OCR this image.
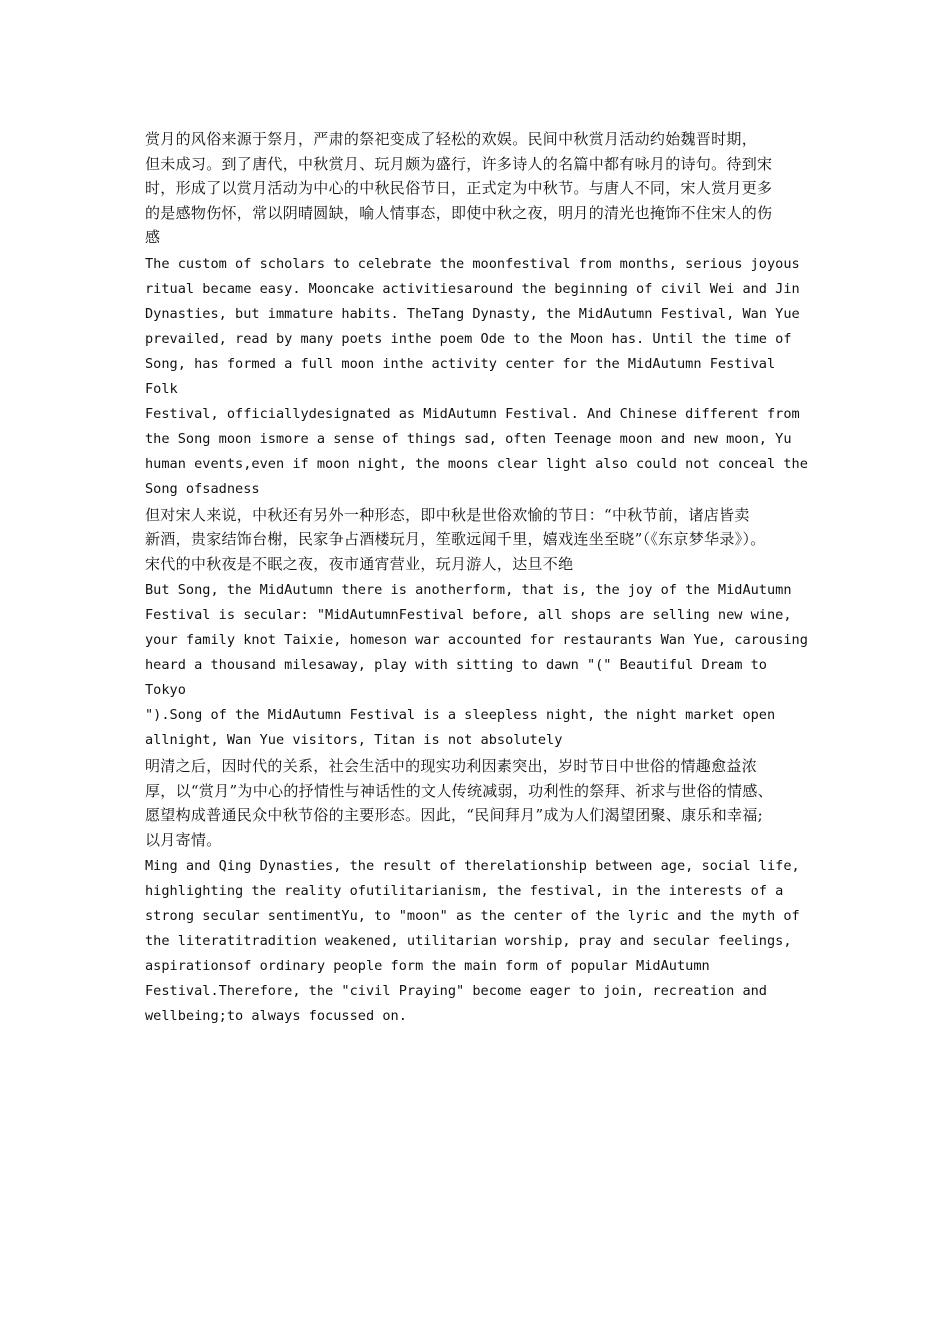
赏月的风俗来源于祭月，严肃的祭祀变成了轻松的欢娱。民间中秋赏月活动约始魏晋时期，
但未成习。到了唐代，中秋赏月、玩月颇为盛行，许多诗人的名篇中都有咏月的诗句。待到宋
时，形成了以赏月活动为中心的中秋民俗节日，正式定为中秋节。与唐人不同，宋人赏月更多
的是感物伤怀，常以阴晴圆缺，喻人情事态，即使中秋之夜，明月的清光也掩饰不住宋人的伤
感

The custom of scholars to celebrate the moonfestival from months, serious joyous
ritual became easy. Mooncake activitiesaround the beginning of civil Wei and Jin
Dynasties, but immature habits. TheTang Dynasty, the MidAutumn Festival, Wan Yue
prevailed, read by many poets inthe poem Ode to the Moon has. Until the time of
Song, has formed a full moon inthe activity center for the MidAutumn Festival Folk
Festival, officiallydesignated as MidAutumn Festival. And Chinese different from
the Song moon ismore a sense of things sad, often Teenage moon and new moon, Yu
human events,even if moon night, the moons clear light also could not conceal the
Song ofsadness

但对宋人来说，中秋还有另外一种形态，即中秋是世俗欢愉的节日：“中秋节前，诸店皆卖
新酒，贵家结饰台榭，民家争占酒楼玩月，笙歌远闻千里，嬉戏连坐至晓”（《东京梦华录》）。
宋代的中秋夜是不眠之夜，夜市通宵营业，玩月游人，达旦不绝

But Song, the MidAutumn there is anotherform, that is, the joy of the MidAutumn
Festival is secular: "MidAutumnFestival before, all shops are selling new wine,
your family knot Taixie, homeson war accounted for restaurants Wan Yue, carousing
heard a thousand milesaway, play with sitting to dawn "(" Beautiful Dream to Tokyo
").Song of the MidAutumn Festival is a sleepless night, the night market open
allnight, Wan Yue visitors, Titan is not absolutely

明清之后，因时代的关系，社会生活中的现实功利因素突出，岁时节日中世俗的情趣愈益浓
厚，以“赏月”为中心的抒情性与神话性的文人传统减弱，功利性的祭拜、祈求与世俗的情感、
愿望构成普通民众中秋节俗的主要形态。因此，“民间拜月”成为人们渴望团聚、康乐和幸福;
以月寄情。

Ming and Qing Dynasties, the result of therelationship between age, social life,
highlighting the reality ofutilitarianism, the festival, in the interests of a
strong secular sentimentYu, to "moon" as the center of the lyric and the myth of
the literatitradition weakened, utilitarian worship, pray and secular feelings,
aspirationsof ordinary people form the main form of popular MidAutumn
Festival.Therefore, the "civil Praying" become eager to join, recreation and
wellbeing;to always focussed on.
